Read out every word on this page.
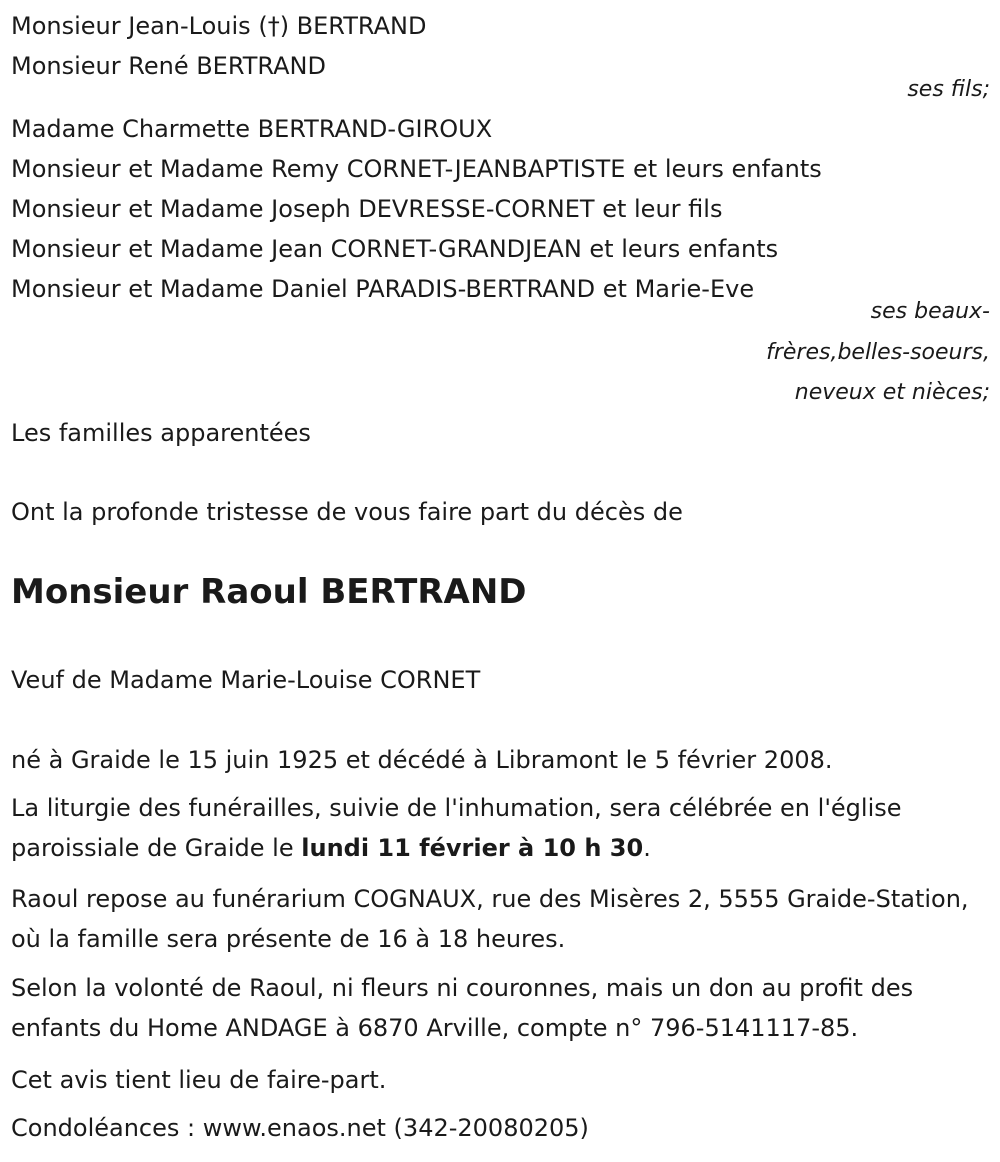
Monsieur Jean-Louis (†) BERTRAND
Monsieur René BERTRAND
ses fils;
Madame Charmette BERTRAND-GIROUX
Monsieur et Madame Remy CORNET-JEANBAPTISTE et leurs enfants
Monsieur et Madame Joseph DEVRESSE-CORNET et leur fils
Monsieur et Madame Jean CORNET-GRANDJEAN et leurs enfants
Monsieur et Madame Daniel PARADIS-BERTRAND et Marie-Eve
ses beaux-
frères,belles-soeurs,
neveux et nièces;
Les familles apparentées
Ont la profonde tristesse de vous faire part du décès de
Monsieur Raoul BERTRAND
Veuf de Madame Marie-Louise CORNET
né à Graide le 15 juin 1925 et décédé à Libramont le 5 février 2008.
La liturgie des funérailles, suivie de l'inhumation, sera célébrée en l'église paroissiale de Graide le lundi 11 février à 10 h 30.
Raoul repose au funérarium COGNAUX, rue des Misères 2, 5555 Graide-Station, où la famille sera présente de 16 à 18 heures.
Selon la volonté de Raoul, ni fleurs ni couronnes, mais un don au profit des enfants du Home ANDAGE à 6870 Arville, compte n° 796-5141117-85.
Cet avis tient lieu de faire-part.
Condoléances : www.enaos.net (342-20080205)
